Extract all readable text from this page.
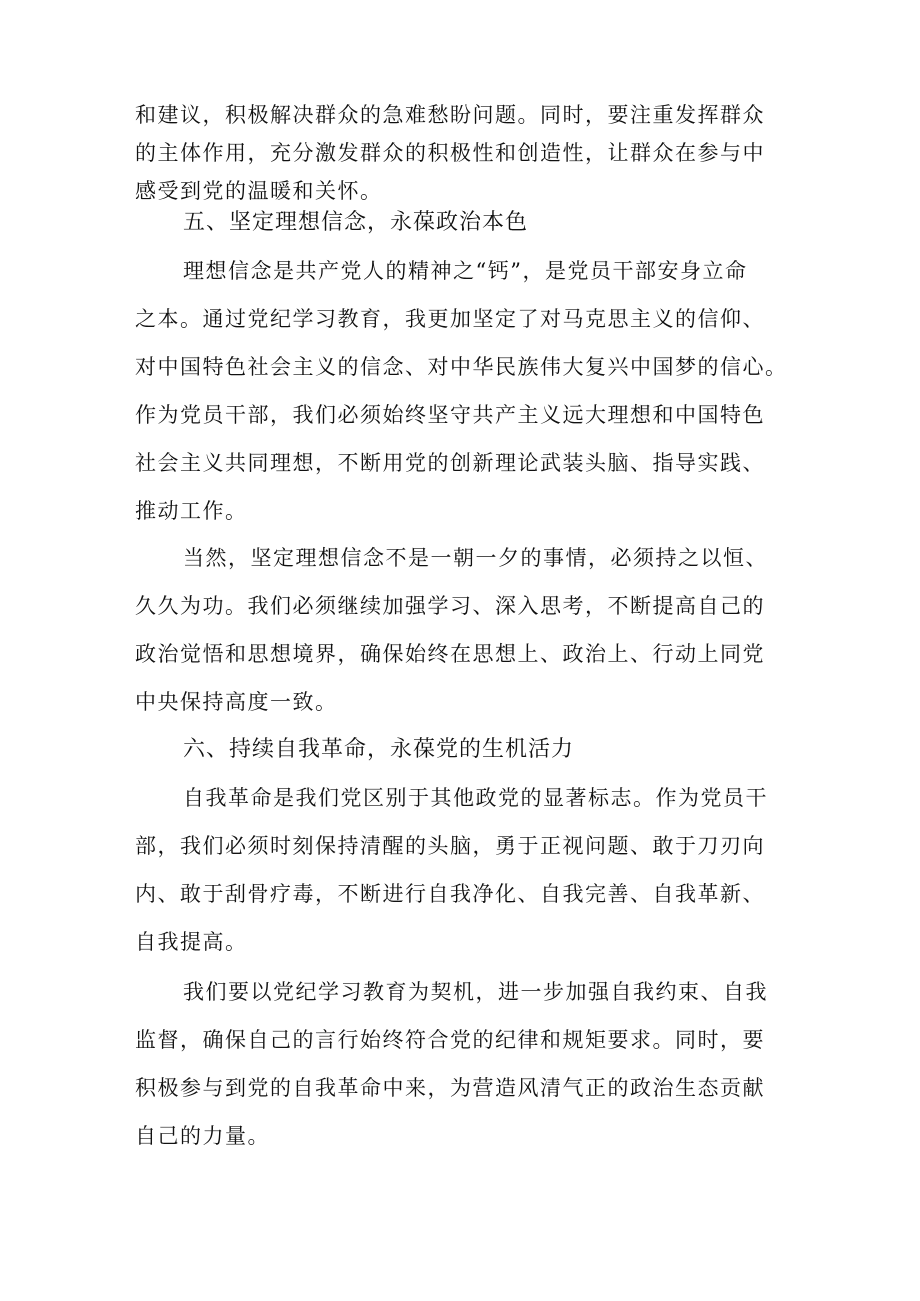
和建议，积极解决群众的急难愁盼问题。同时，要注重发挥群众
的主体作用，充分激发群众的积极性和创造性，让群众在参与中
感受到党的温暖和关怀。
五、坚定理想信念，永葆政治本色
理想信念是共产党人的精神之“钙”，是党员干部安身立命
之本。通过党纪学习教育，我更加坚定了对马克思主义的信仰、
对中国特色社会主义的信念、对中华民族伟大复兴中国梦的信心。
作为党员干部，我们必须始终坚守共产主义远大理想和中国特色
社会主义共同理想，不断用党的创新理论武装头脑、指导实践、
推动工作。
当然，坚定理想信念不是一朝一夕的事情，必须持之以恒、
久久为功。我们必须继续加强学习、深入思考，不断提高自己的
政治觉悟和思想境界，确保始终在思想上、政治上、行动上同党
中央保持高度一致。
六、持续自我革命，永葆党的生机活力
自我革命是我们党区别于其他政党的显著标志。作为党员干
部，我们必须时刻保持清醒的头脑，勇于正视问题、敢于刀刃向
内、敢于刮骨疗毒，不断进行自我净化、自我完善、自我革新、
自我提高。
我们要以党纪学习教育为契机，进一步加强自我约束、自我
监督，确保自己的言行始终符合党的纪律和规矩要求。同时，要
积极参与到党的自我革命中来，为营造风清气正的政治生态贡献
自己的力量。
